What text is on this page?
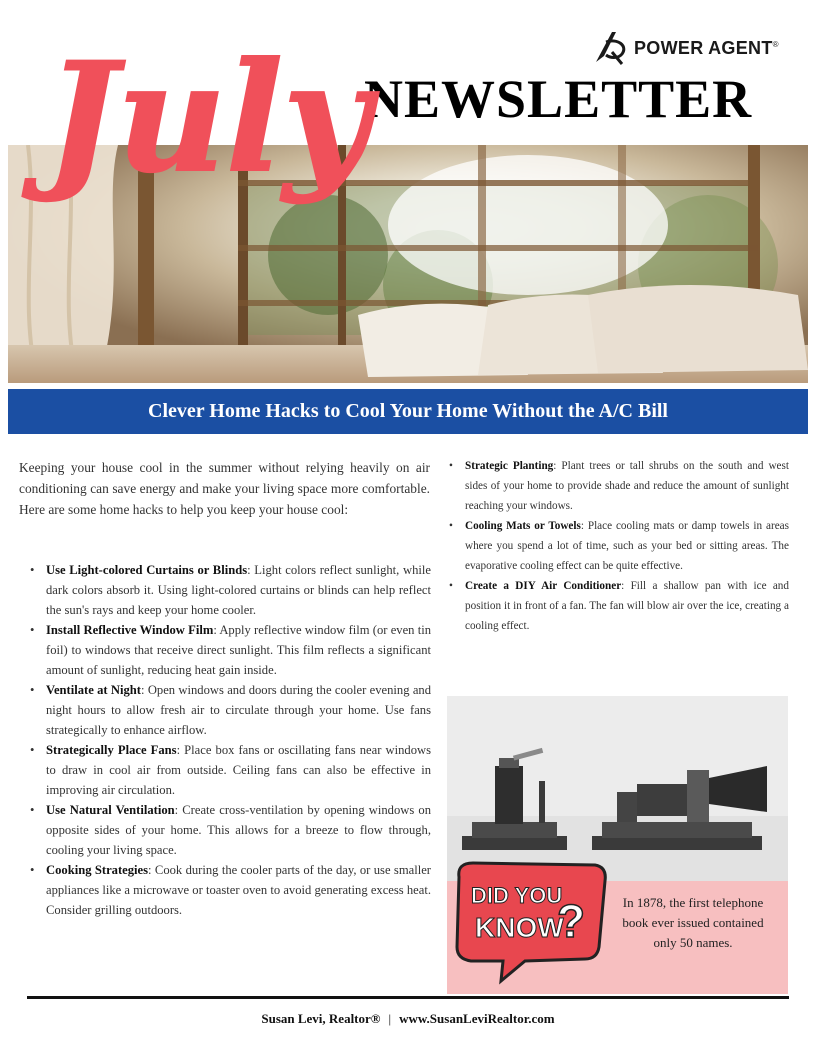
POWER AGENT®
NEWSLETTER
July
Clever Home Hacks to Cool Your Home Without the A/C Bill

Keeping your house cool in the summer without relying heavily on air conditioning can save energy and make your living space more comfortable. Here are some home hacks to help you keep your house cool:

• Use Light-colored Curtains or Blinds: Light colors reflect sunlight, while dark colors absorb it. Using light-colored curtains or blinds can help reflect the sun's rays and keep your home cooler.
• Install Reflective Window Film: Apply reflective window film (or even tin foil) to windows that receive direct sunlight. This film reflects a significant amount of sunlight, reducing heat gain inside.
• Ventilate at Night: Open windows and doors during the cooler evening and night hours to allow fresh air to circulate through your home. Use fans strategically to enhance airflow.
• Strategically Place Fans: Place box fans or oscillating fans near windows to draw in cool air from outside. Ceiling fans can also be effective in improving air circulation.
• Use Natural Ventilation: Create cross-ventilation by opening windows on opposite sides of your home. This allows for a breeze to flow through, cooling your living space.
• Cooking Strategies: Cook during the cooler parts of the day, or use smaller appliances like a microwave or toaster oven to avoid generating excess heat. Consider grilling outdoors.
• Strategic Planting: Plant trees or tall shrubs on the south and west sides of your home to provide shade and reduce the amount of sunlight reaching your windows.
• Cooling Mats or Towels: Place cooling mats or damp towels in areas where you spend a lot of time, such as your bed or sitting areas. The evaporative cooling effect can be quite effective.
• Create a DIY Air Conditioner: Fill a shallow pan with ice and position it in front of a fan. The fan will blow air over the ice, creating a cooling effect.
DID YOU
KNOW
?	In 1878, the first telephone book ever issued contained only 50 names.

Susan Levi, Realtor® | www.SusanLeviRealtor.com
